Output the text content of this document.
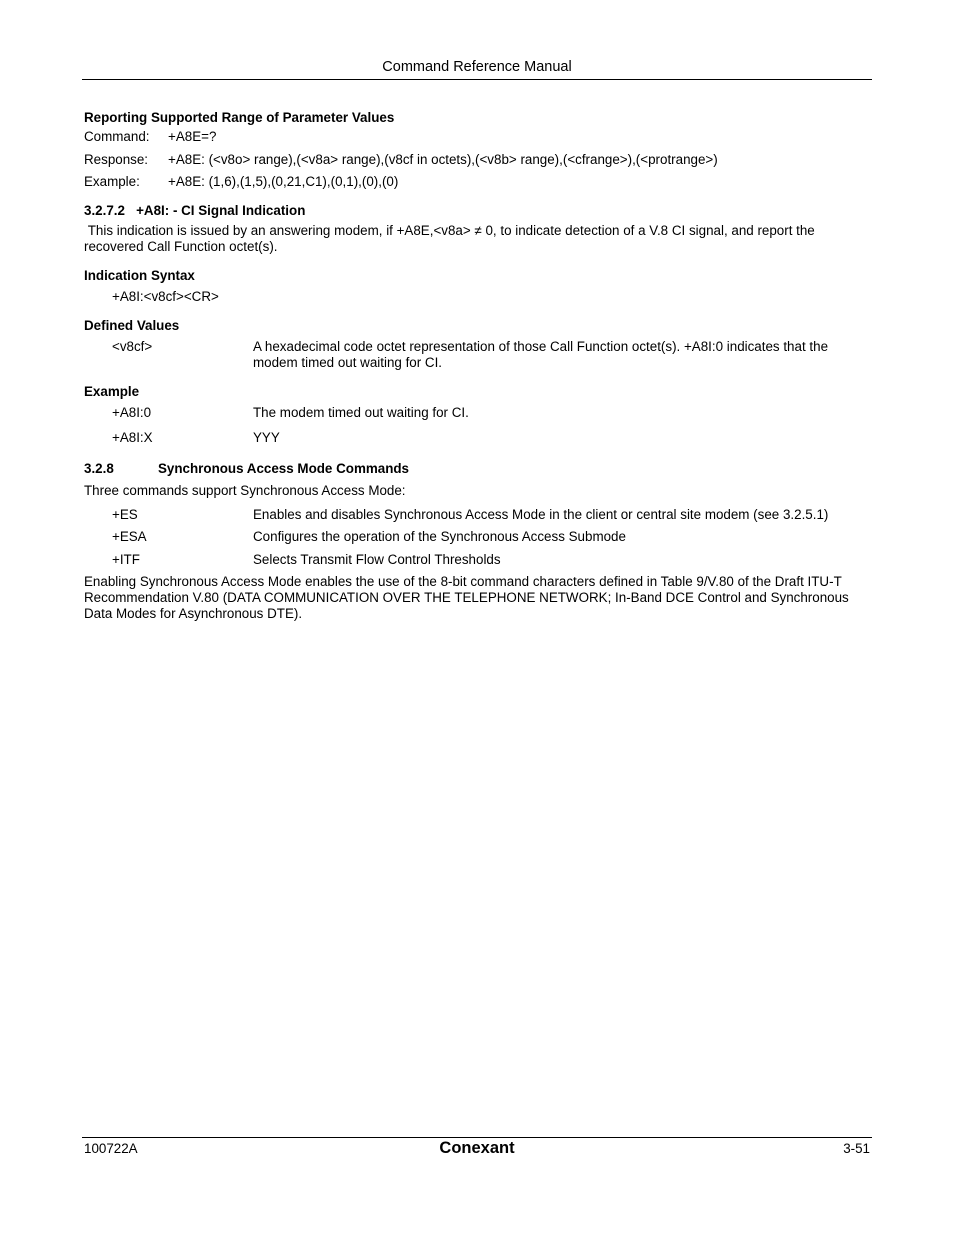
Command Reference Manual
Reporting Supported Range of Parameter Values
Command: +A8E=?
Response: +A8E: (<v8o> range),(<v8a> range),(v8cf in octets),(<v8b> range),(<cfrange>),(<protrange>)
Example: +A8E: (1,6),(1,5),(0,21,C1),(0,1),(0),(0)
3.2.7.2   +A8I: - CI Signal Indication
This indication is issued by an answering modem, if +A8E,<v8a> ≠ 0, to indicate detection of a V.8 CI signal, and report the recovered Call Function octet(s).
Indication Syntax
+A8I:<v8cf><CR>
Defined Values
<v8cf>	A hexadecimal code octet representation of those Call Function octet(s). +A8I:0 indicates that the modem timed out waiting for CI.
Example
+A8I:0	The modem timed out waiting for CI.
+A8I:X	YYY
3.2.8	Synchronous Access Mode Commands
Three commands support Synchronous Access Mode:
+ES	Enables and disables Synchronous Access Mode in the client or central site modem (see 3.2.5.1)
+ESA	Configures the operation of the Synchronous Access Submode
+ITF	Selects Transmit Flow Control Thresholds
Enabling Synchronous Access Mode enables the use of the 8-bit command characters defined in Table 9/V.80 of the Draft ITU-T Recommendation V.80 (DATA COMMUNICATION OVER THE TELEPHONE NETWORK; In-Band DCE Control and Synchronous Data Modes for Asynchronous DTE).
100722A	Conexant	3-51
